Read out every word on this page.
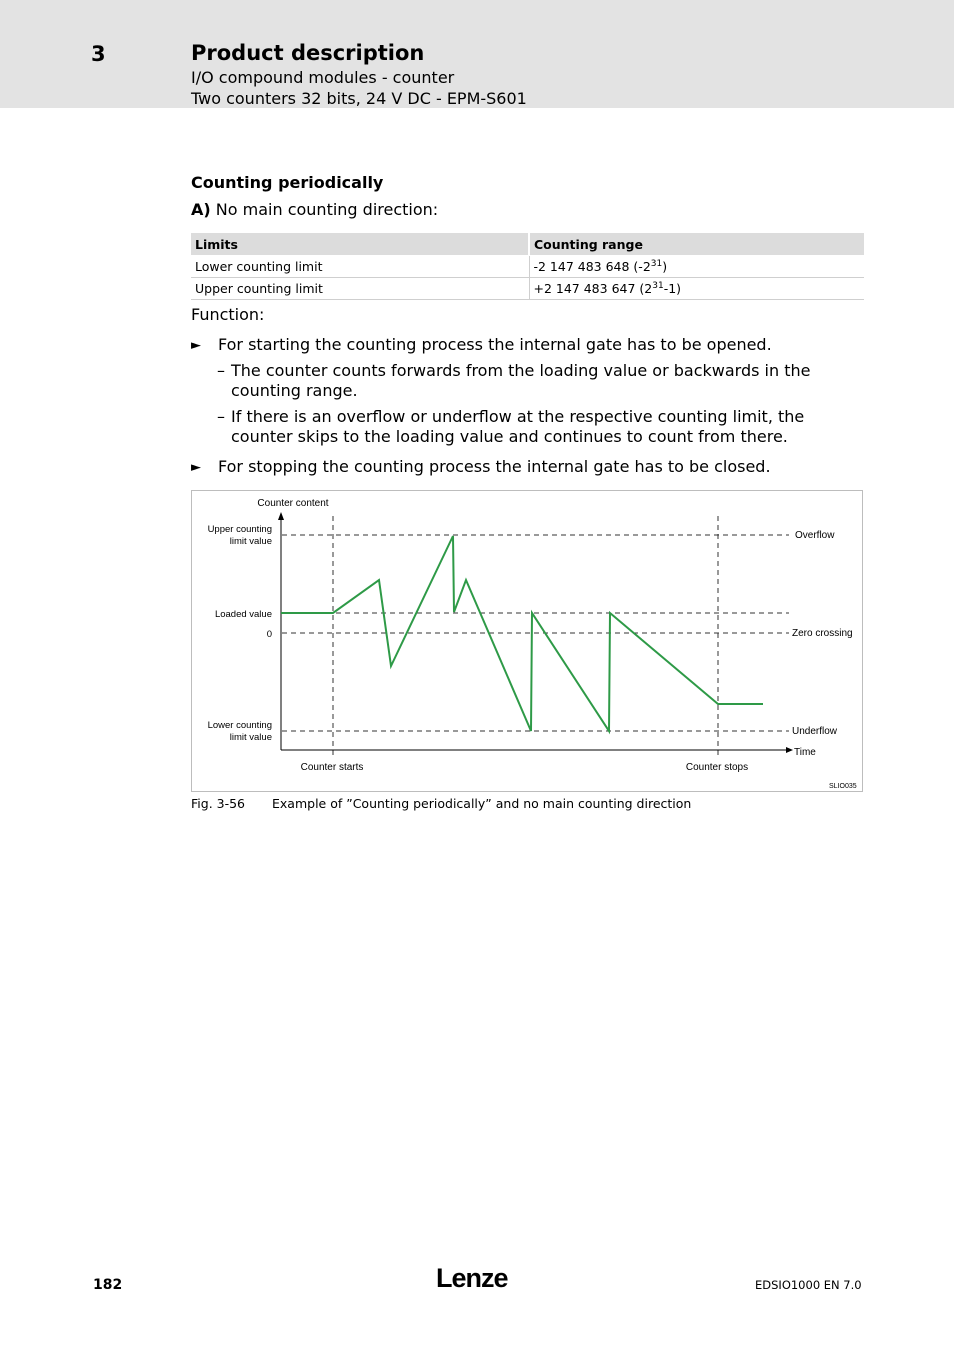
3	Product description
I/O compound modules - counter
Two counters 32 bits, 24 V DC - EPM-S601
Counting periodically
A) No main counting direction:
Limits	Counting range
Lower counting limit	-2 147 483 648 $(-2^{31})$
Upper counting limit	+2 147 483 647 $(2^{31}-1)$
Function:
► For starting the counting process the internal gate has to be opened.
– The counter counts forwards from the loading value or backwards in the counting range.
– If there is an overflow or underflow at the respective counting limit, the counter skips to the loading value and continues to count from there.
► For stopping the counting process the internal gate has to be closed.
Counter content
Upper counting
limit value
Loaded value
0
Lower counting
limit value
Overflow
Zero crossing
Underflow
Time
Counter starts	Counter stops
SLIO035
Fig. 3-56 Example of ”Counting periodically” and no main counting direction
182	Lenze	EDSIO1000 EN 7.0
